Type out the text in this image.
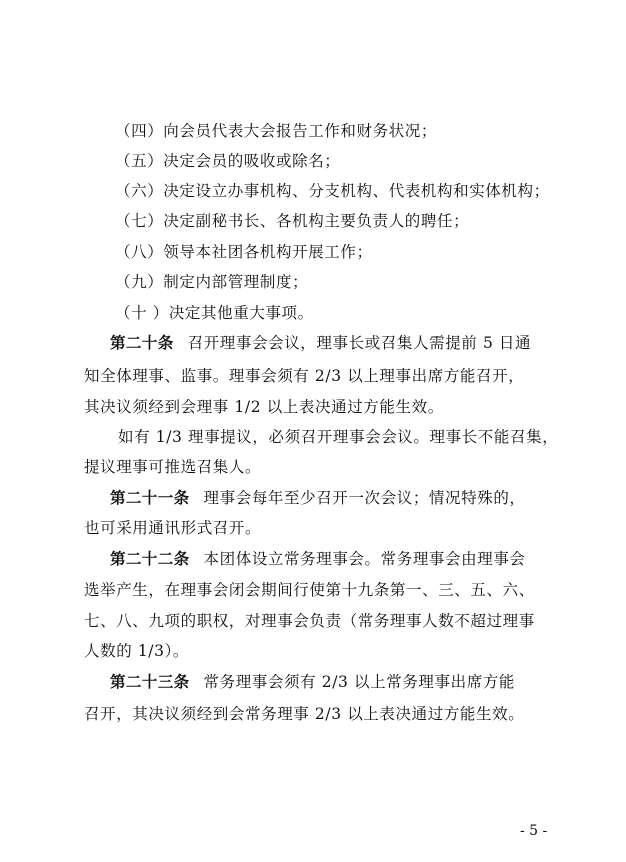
（四）向会员代表大会报告工作和财务状况；
（五）决定会员的吸收或除名；
（六）决定设立办事机构、分支机构、代表机构和实体机构；
（七）决定副秘书长、各机构主要负责人的聘任；
（八）领导本社团各机构开展工作；
（九）制定内部管理制度；
（十 ）决定其他重大事项。
第二十条 召开理事会会议，理事长或召集人需提前 5 日通
知全体理事、监事。理事会须有 2/3 以上理事出席方能召开，
其决议须经到会理事 1/2 以上表决通过方能生效。
如有 1/3 理事提议，必须召开理事会会议。理事长不能召集，
提议理事可推选召集人。
第二十一条 理事会每年至少召开一次会议；情况特殊的，
也可采用通讯形式召开。
第二十二条 本团体设立常务理事会。常务理事会由理事会
选举产生，在理事会闭会期间行使第十九条第一、三、五、六、
七、八、九项的职权，对理事会负责（常务理事人数不超过理事
人数的 1/3）。
第二十三条 常务理事会须有 2/3 以上常务理事出席方能
召开，其决议须经到会常务理事 2/3 以上表决通过方能生效。
- 5 -
